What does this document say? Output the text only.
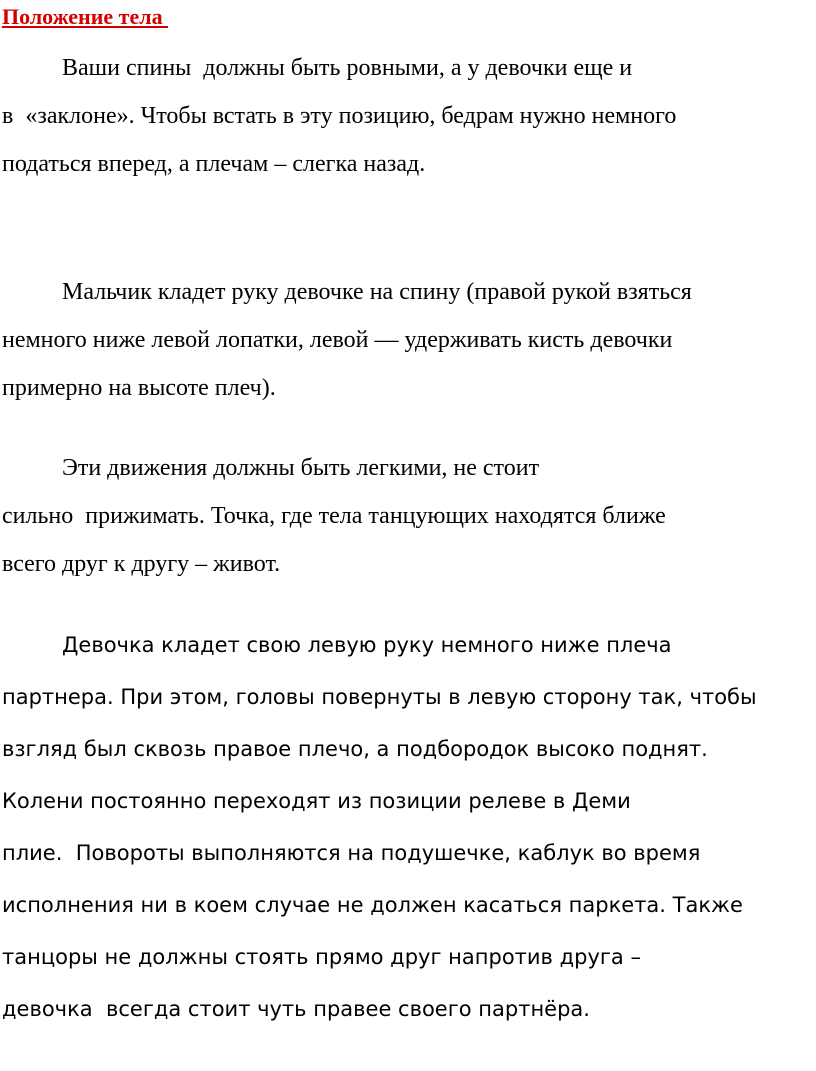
Положение тела
Ваши спины  должны быть ровными, а у девочки еще и
в  «заклоне». Чтобы встать в эту позицию, бедрам нужно немного
податься вперед, а плечам – слегка назад.
Мальчик кладет руку девочке на спину (правой рукой взяться
немного ниже левой лопатки, левой — удерживать кисть девочки
примерно на высоте плеч).
Эти движения должны быть легкими, не стоит
сильно  прижимать. Точка, где тела танцующих находятся ближе
всего друг к другу – живот.
Девочка кладет свою левую руку немного ниже плеча
партнера. При этом, головы повернуты в левую сторону так, чтобы
взгляд был сквозь правое плечо, а подбородок высоко поднят.
Колени постоянно переходят из позиции релеве в Деми
плие.  Повороты выполняются на подушечке, каблук во время
исполнения ни в коем случае не должен касаться паркета. Также
танцоры не должны стоять прямо друг напротив друга –
девочка  всегда стоит чуть правее своего партнёра.
